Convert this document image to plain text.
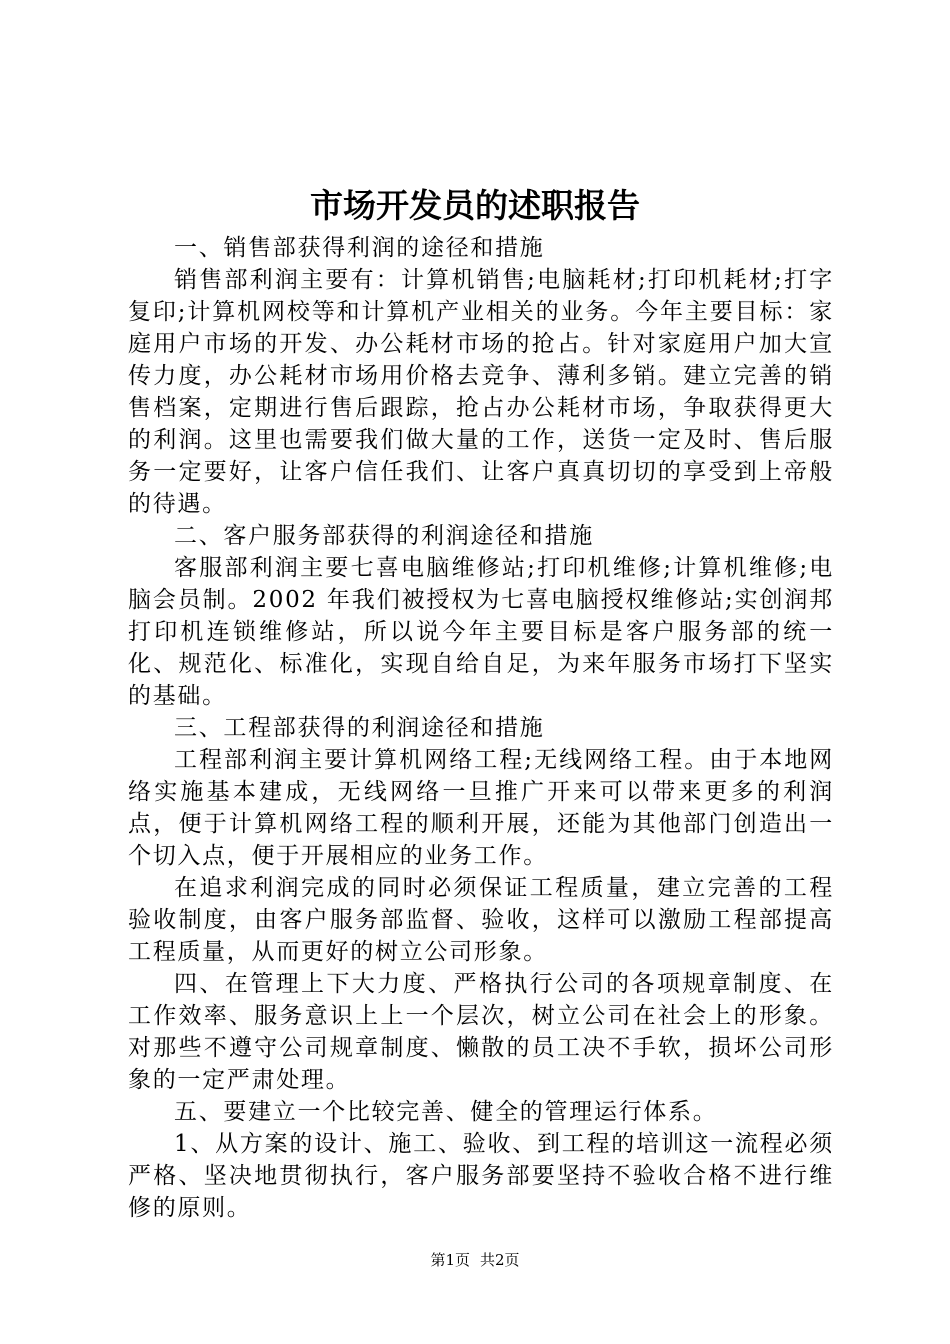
市场开发员的述职报告

一、销售部获得利润的途径和措施

销售部利润主要有：计算机销售;电脑耗材;打印机耗材;打字复印;计算机网校等和计算机产业相关的业务。今年主要目标：家庭用户市场的开发、办公耗材市场的抢占。针对家庭用户加大宣传力度，办公耗材市场用价格去竞争、薄利多销。建立完善的销售档案，定期进行售后跟踪，抢占办公耗材市场，争取获得更大的利润。这里也需要我们做大量的工作，送货一定及时、售后服务一定要好，让客户信任我们、让客户真真切切的享受到上帝般的待遇。

二、客户服务部获得的利润途径和措施

客服部利润主要七喜电脑维修站;打印机维修;计算机维修;电脑会员制。2002 年我们被授权为七喜电脑授权维修站;实创润邦打印机连锁维修站，所以说今年主要目标是客户服务部的统一化、规范化、标准化，实现自给自足，为来年服务市场打下坚实的基础。

三、工程部获得的利润途径和措施

工程部利润主要计算机网络工程;无线网络工程。由于本地网络实施基本建成，无线网络一旦推广开来可以带来更多的利润点，便于计算机网络工程的顺利开展，还能为其他部门创造出一个切入点，便于开展相应的业务工作。

在追求利润完成的同时必须保证工程质量，建立完善的工程验收制度，由客户服务部监督、验收，这样可以激励工程部提高工程质量，从而更好的树立公司形象。

四、在管理上下大力度、严格执行公司的各项规章制度、在工作效率、服务意识上上一个层次，树立公司在社会上的形象。对那些不遵守公司规章制度、懒散的员工决不手软，损坏公司形象的一定严肃处理。

五、要建立一个比较完善、健全的管理运行体系。

1、从方案的设计、施工、验收、到工程的培训这一流程必须严格、坚决地贯彻执行，客户服务部要坚持不验收合格不进行维修的原则。

第1页 共2页
